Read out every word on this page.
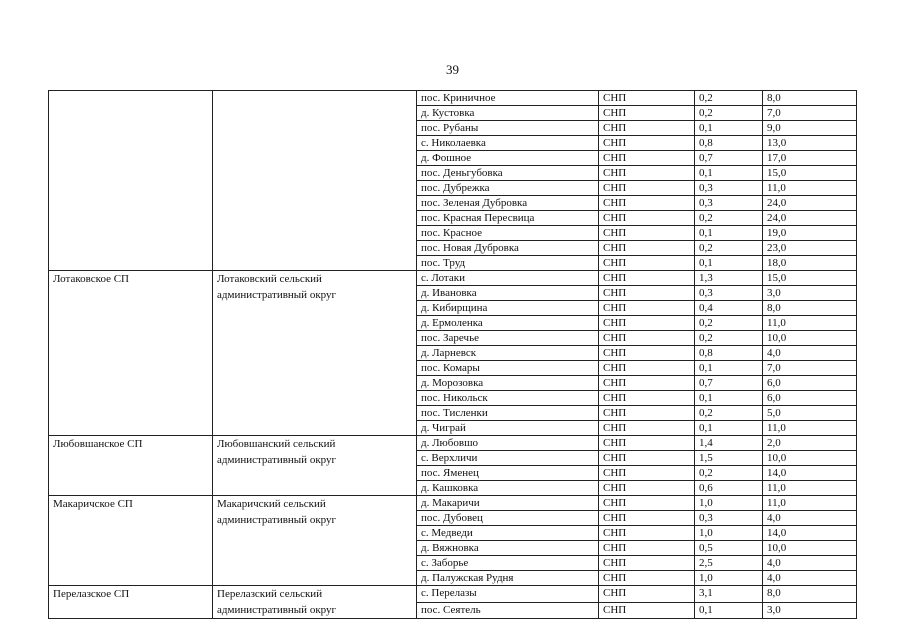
39
		пос. Криничное	СНП	0,2	8,0
		д. Кустовка	СНП	0,2	7,0
		пос. Рубаны	СНП	0,1	9,0
		с. Николаевка	СНП	0,8	13,0
		д. Фошное	СНП	0,7	17,0
		пос. Деньгубовка	СНП	0,1	15,0
		пос. Дубрежка	СНП	0,3	11,0
		пос. Зеленая Дубровка	СНП	0,3	24,0
		пос. Красная Пересвица	СНП	0,2	24,0
		пос. Красное	СНП	0,1	19,0
		пос. Новая Дубровка	СНП	0,2	23,0
		пос. Труд	СНП	0,1	18,0
Лотаковское СП	Лотаковский сельский административный округ	с. Лотаки	СНП	1,3	15,0
		д. Ивановка	СНП	0,3	3,0
		д. Кибирщина	СНП	0,4	8,0
		д. Ермоленка	СНП	0,2	11,0
		пос. Заречье	СНП	0,2	10,0
		д. Ларневск	СНП	0,8	4,0
		пос. Комары	СНП	0,1	7,0
		д. Морозовка	СНП	0,7	6,0
		пос. Никольск	СНП	0,1	6,0
		пос. Тисленки	СНП	0,2	5,0
		д. Чиграй	СНП	0,1	11,0
Любовшанское СП	Любовшанский сельский административный округ	д. Любовшо	СНП	1,4	2,0
		с. Верхличи	СНП	1,5	10,0
		пос. Яменец	СНП	0,2	14,0
		д. Кашковка	СНП	0,6	11,0
Макаричское СП	Макаричский сельский административный округ	д. Макаричи	СНП	1,0	11,0
		пос. Дубовец	СНП	0,3	4,0
		с. Медведи	СНП	1,0	14,0
		д. Вяжновка	СНП	0,5	10,0
		с. Заборье	СНП	2,5	4,0
		д. Палужская Рудня	СНП	1,0	4,0
Перелазское СП	Перелазский сельский административный округ	с. Перелазы	СНП	3,1	8,0
		пос. Сеятель	СНП	0,1	3,0
